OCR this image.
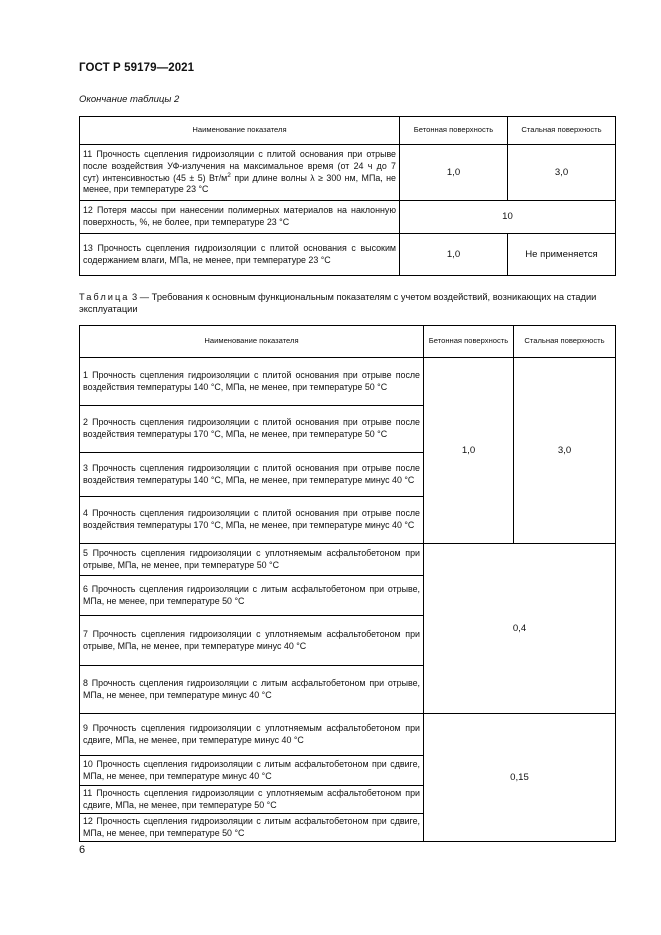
ГОСТ Р 59179—2021
Окончание таблицы 2
Наименование показателя	Бетонная поверхность	Стальная поверхность
11 Прочность сцепления гидроизоляции с плитой основания при отрыве после воздействия УФ-излучения на максимальное время (от 24 ч до 7 сут) интенсивностью (45 ± 5) $Вт/м^2$ при длине волны λ ≥ 300 нм, МПа, не менее, при температуре 23 °С	1,0	3,0
12 Потеря массы при нанесении полимерных материалов на наклонную поверхность, %, не более, при температуре 23 °С	10	
13 Прочность сцепления гидроизоляции с плитой основания с высоким содержанием влаги, МПа, не менее, при температуре 23 °С	1,0	Не применяется
Таблица 3 — Требования к основным функциональным показателям с учетом воздействий, возникающих на стадии эксплуатации
Наименование показателя	Бетонная поверхность	Стальная поверхность
1 Прочность сцепления гидроизоляции с плитой основания при отрыве после воздействия температуры 140 °С, МПа, не менее, при температуре 50 °С	1,0	3,0
2 Прочность сцепления гидроизоляции с плитой основания при отрыве после воздействия температуры 170 °С, МПа, не менее, при температуре 50 °С		
3 Прочность сцепления гидроизоляции с плитой основания при отрыве после воздействия температуры 140 °С, МПа, не менее, при температуре минус 40 °С		
4 Прочность сцепления гидроизоляции с плитой основания при отрыве после воздействия температуры 170 °С, МПа, не менее, при температуре минус 40 °С		
5 Прочность сцепления гидроизоляции с уплотняемым асфальтобетоном при отрыве, МПа, не менее, при температуре 50 °С	0,4	
6 Прочность сцепления гидроизоляции с литым асфальтобетоном при отрыве, МПа, не менее, при температуре 50 °С		
7 Прочность сцепления гидроизоляции с уплотняемым асфальтобетоном при отрыве, МПа, не менее, при температуре минус 40 °С		
8 Прочность сцепления гидроизоляции с литым асфальтобетоном при отрыве, МПа, не менее, при температуре минус 40 °С		
9 Прочность сцепления гидроизоляции с уплотняемым асфальтобетоном при сдвиге, МПа, не менее, при температуре минус 40 °С	0,15	
10 Прочность сцепления гидроизоляции с литым асфальтобетоном при сдвиге, МПа, не менее, при температуре минус 40 °С		
11 Прочность сцепления гидроизоляции с уплотняемым асфальтобетоном при сдвиге, МПа, не менее, при температуре 50 °С		
12 Прочность сцепления гидроизоляции с литым асфальтобетоном при сдвиге, МПа, не менее, при температуре 50 °С		
6
